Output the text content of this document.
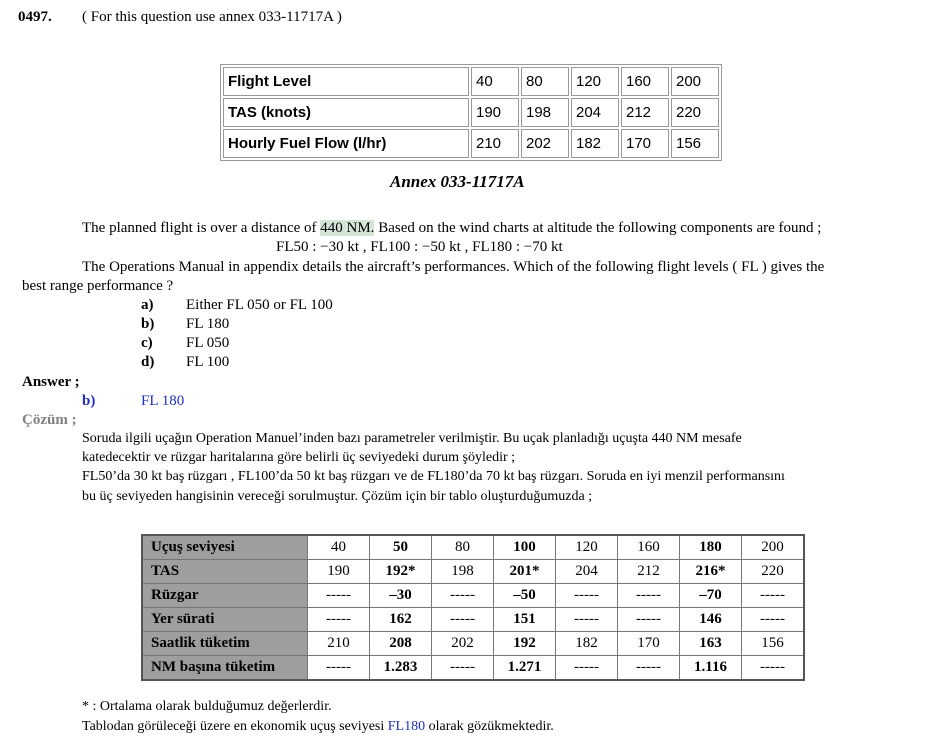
0497. ( For this question use annex 033-11717A )
Flight Level	40	80	120	160	200
TAS (knots)	190	198	204	212	220
Hourly Fuel Flow (l/hr)	210	202	182	170	156
Annex 033-11717A
The planned flight is over a distance of 440 NM. Based on the wind charts at altitude the following components are found ;
FL50 : −30 kt , FL100 : −50 kt , FL180 : −70 kt
The Operations Manual in appendix details the aircraft’s performances. Which of the following flight levels ( FL ) gives the
best range performance ?
a) Either FL 050 or FL 100
b) FL 180
c) FL 050
d) FL 100
Answer ;
b)	FL 180
Çözüm ;
Soruda ilgili uçağın Operation Manuel’inden bazı parametreler verilmiştir. Bu uçak planladığı uçuşta 440 NM mesafe
katedecektir ve rüzgar haritalarına göre belirli üç seviyedeki durum şöyledir ;
FL50’da 30 kt baş rüzgarı , FL100’da 50 kt baş rüzgarı ve de FL180’da 70 kt baş rüzgarı. Soruda en iyi menzil performansını
bu üç seviyeden hangisinin vereceği sorulmuştur. Çözüm için bir tablo oluşturduğumuzda ;
Uçuş seviyesi	40	50	80	100	120	160	180	200
TAS	190	192*	198	201*	204	212	216*	220
Rüzgar	-----	–30	-----	–50	-----	-----	–70	-----
Yer sürati	-----	162	-----	151	-----	-----	146	-----
Saatlik tüketim	210	208	202	192	182	170	163	156
NM başına tüketim	-----	1.283	-----	1.271	-----	-----	1.116	-----
* : Ortalama olarak bulduğumuz değerlerdir.
Tablodan görüleceği üzere en ekonomik uçuş seviyesi FL180 olarak gözükmektedir.
